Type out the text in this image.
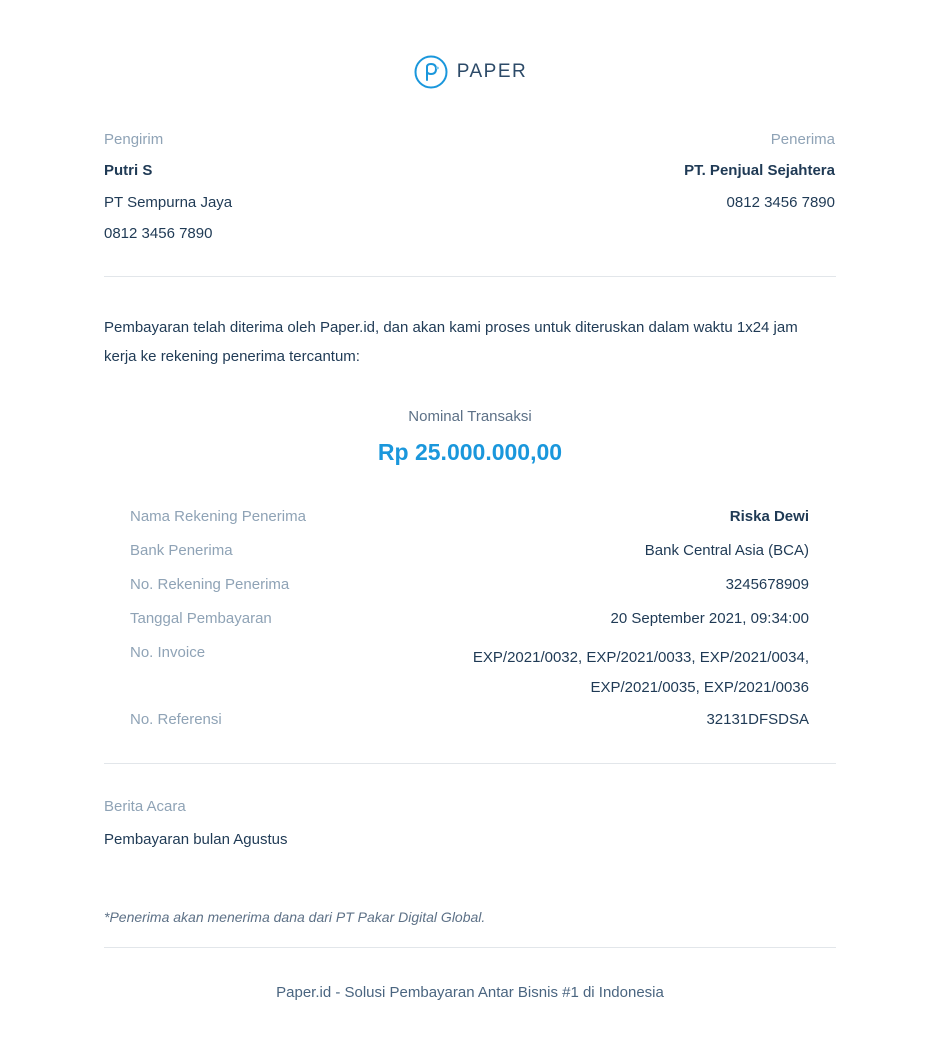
PAPER
Pengirim
Putri S
PT Sempurna Jaya
0812 3456 7890
Penerima
PT. Penjual Sejahtera
0812 3456 7890
Pembayaran telah diterima oleh Paper.id, dan akan kami proses untuk diteruskan dalam waktu 1x24 jam
kerja ke rekening penerima tercantum:
Nominal Transaksi
Rp 25.000.000,00
Nama Rekening Penerima	Riska Dewi
Bank Penerima	Bank Central Asia (BCA)
No. Rekening Penerima	3245678909
Tanggal Pembayaran	20 September 2021, 09:34:00
No. Invoice	EXP/2021/0032, EXP/2021/0033, EXP/2021/0034,
EXP/2021/0035, EXP/2021/0036
No. Referensi	32131DFSDSA
Berita Acara
Pembayaran bulan Agustus
*Penerima akan menerima dana dari PT Pakar Digital Global.
Paper.id - Solusi Pembayaran Antar Bisnis #1 di Indonesia
